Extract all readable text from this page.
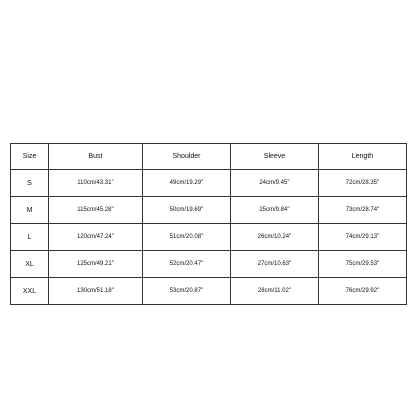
Size	Bust	Shoulder	Sleeve	Length
S	110cm/43.31''	49cm/19.29''	24cm/9.45''	72cm/28.35''
M	115cm/45.28''	50cm/19.69''	25cm/9.84''	73cm/28.74''
L	120cm/47.24''	51cm/20.08''	26cm/10.24''	74cm/29.13''
XL	125cm/49.21''	52cm/20.47''	27cm/10.63''	75cm/29.53''
XXL	130cm/51.18''	53cm/20.87''	28cm/11.02''	76cm/29.92''
